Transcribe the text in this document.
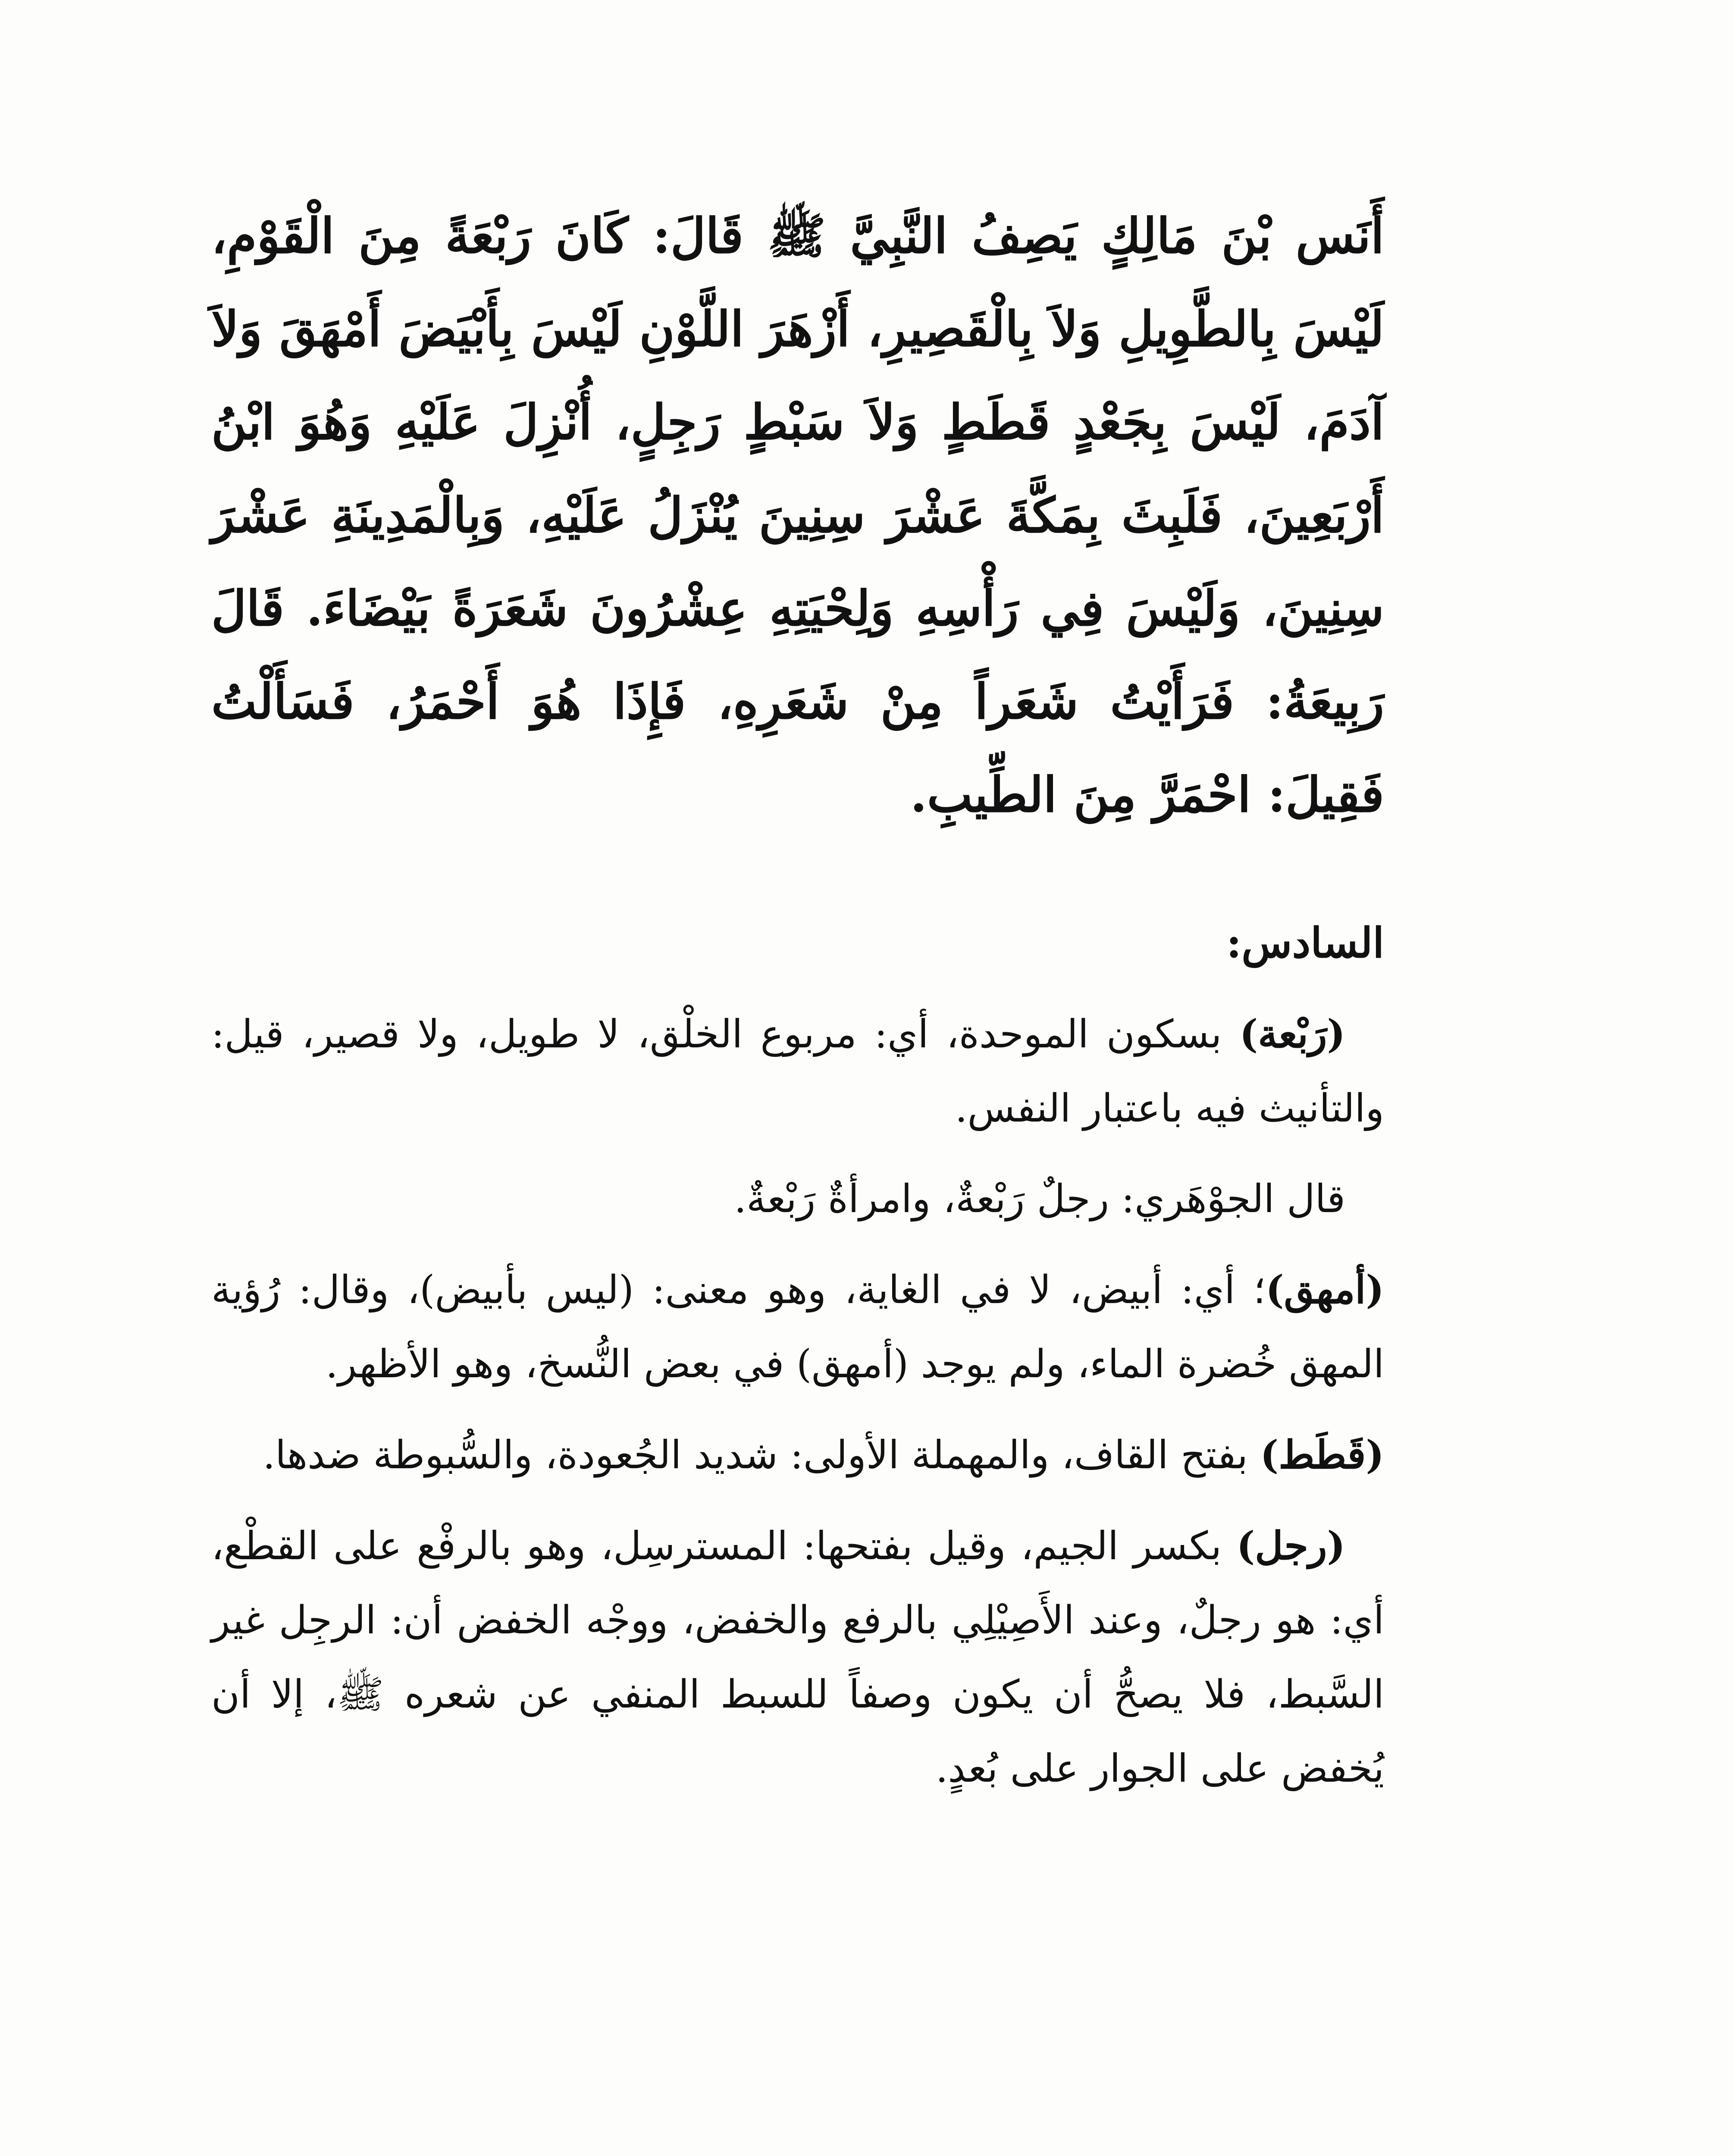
أَنَس بْنَ مَالِكٍ يَصِفُ النَّبِيَّ ﷺ قَالَ: كَانَ رَبْعَةً مِنَ الْقَوْمِ، لَيْسَ بِالطَّوِيلِ وَلاَ بِالْقَصِيرِ، أَزْهَرَ اللَّوْنِ لَيْسَ بِأَبْيَضَ أَمْهَقَ وَلاَ آدَمَ، لَيْسَ بِجَعْدٍ قَطَطٍ وَلاَ سَبْطٍ رَجِلٍ، أُنْزِلَ عَلَيْهِ وَهُوَ ابْنُ أَرْبَعِينَ، فَلَبِثَ بِمَكَّةَ عَشْرَ سِنِينَ يُنْزَلُ عَلَيْهِ، وَبِالْمَدِينَةِ عَشْرَ سِنِينَ، وَلَيْسَ فِي رَأْسِهِ وَلِحْيَتِهِ عِشْرُونَ شَعَرَةً بَيْضَاءَ. قَالَ رَبِيعَةُ: فَرَأَيْتُ شَعَراً مِنْ شَعَرِهِ، فَإِذَا هُوَ أَحْمَرُ، فَسَأَلْتُ فَقِيلَ: احْمَرَّ مِنَ الطِّيبِ.

السادس:

(رَبْعة) بسكون الموحدة، أي: مربوع الخلْق، لا طويل، ولا قصير، قيل: والتأنيث فيه باعتبار النفس.

قال الجوْهَري: رجلٌ رَبْعةٌ، وامرأةٌ رَبْعةٌ.

(أمهق)؛ أي: أبيض، لا في الغاية، وهو معنى: (ليس بأبيض)، وقال: رُؤية المهق خُضرة الماء، ولم يوجد (أمهق) في بعض النُّسخ، وهو الأظهر.

(قَطَط) بفتح القاف، والمهملة الأولى: شديد الجُعودة، والسُّبوطة ضدها.

(رجل) بكسر الجيم، وقيل بفتحها: المسترسِل، وهو بالرفْع على القطْع، أي: هو رجلٌ، وعند الأَصِيْلِي بالرفع والخفض، ووجْه الخفض أن: الرجِل غير السَّبط، فلا يصحُّ أن يكون وصفاً للسبط المنفي عن شعره ﷺ، إلا أن يُخفض على الجوار على بُعدٍ.
